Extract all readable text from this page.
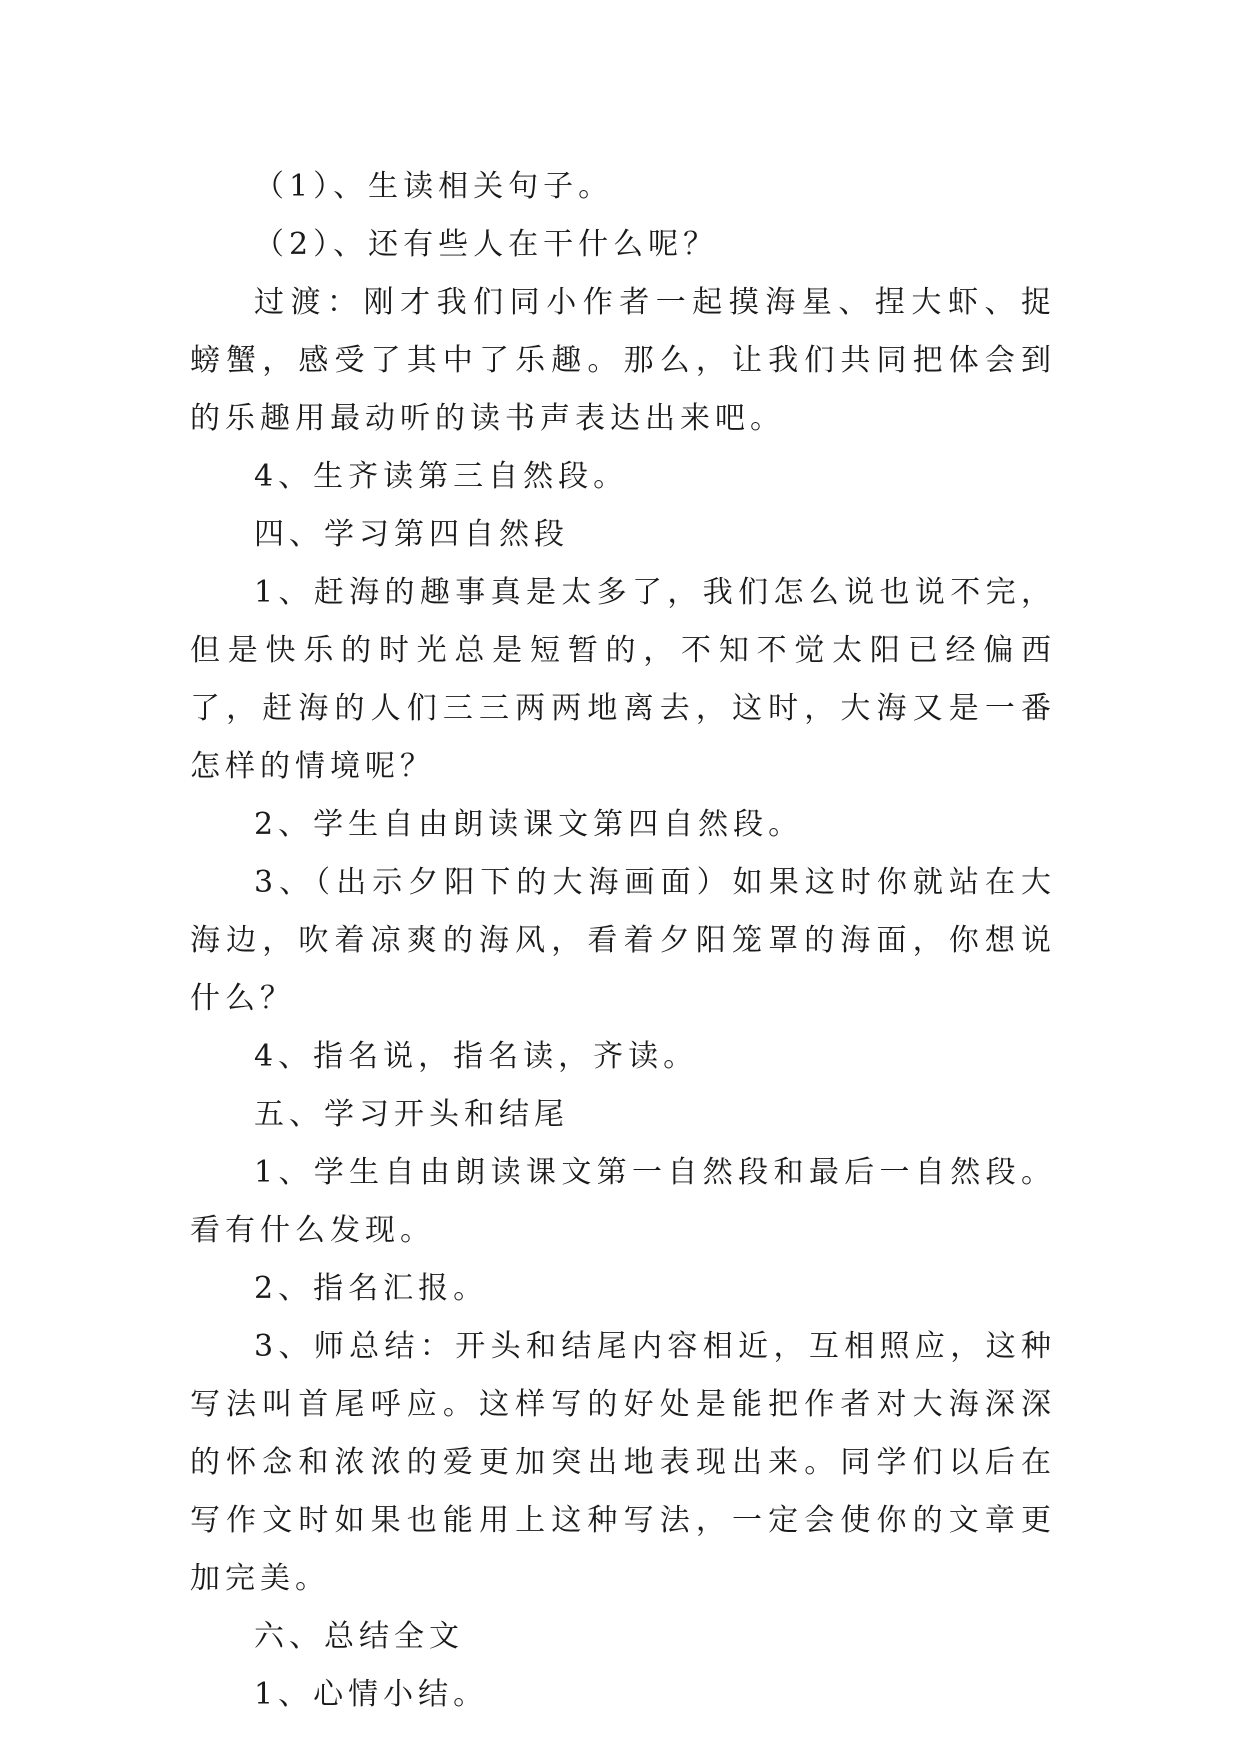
（1）、生读相关句子。

（2）、还有些人在干什么呢？

过渡：刚才我们同小作者一起摸海星、捏大虾、捉螃蟹，感受了其中了乐趣。那么，让我们共同把体会到的乐趣用最动听的读书声表达出来吧。

4、生齐读第三自然段。

四、学习第四自然段

1、赶海的趣事真是太多了，我们怎么说也说不完，但是快乐的时光总是短暂的，不知不觉太阳已经偏西了，赶海的人们三三两两地离去，这时，大海又是一番怎样的情境呢？

2、学生自由朗读课文第四自然段。

3、（出示夕阳下的大海画面）如果这时你就站在大海边，吹着凉爽的海风，看着夕阳笼罩的海面，你想说什么？

4、指名说，指名读，齐读。

五、学习开头和结尾

1、学生自由朗读课文第一自然段和最后一自然段。看有什么发现。

2、指名汇报。

3、师总结：开头和结尾内容相近，互相照应，这种写法叫首尾呼应。这样写的好处是能把作者对大海深深的怀念和浓浓的爱更加突出地表现出来。同学们以后在写作文时如果也能用上这种写法，一定会使你的文章更加完美。

六、总结全文

1、心情小结。
